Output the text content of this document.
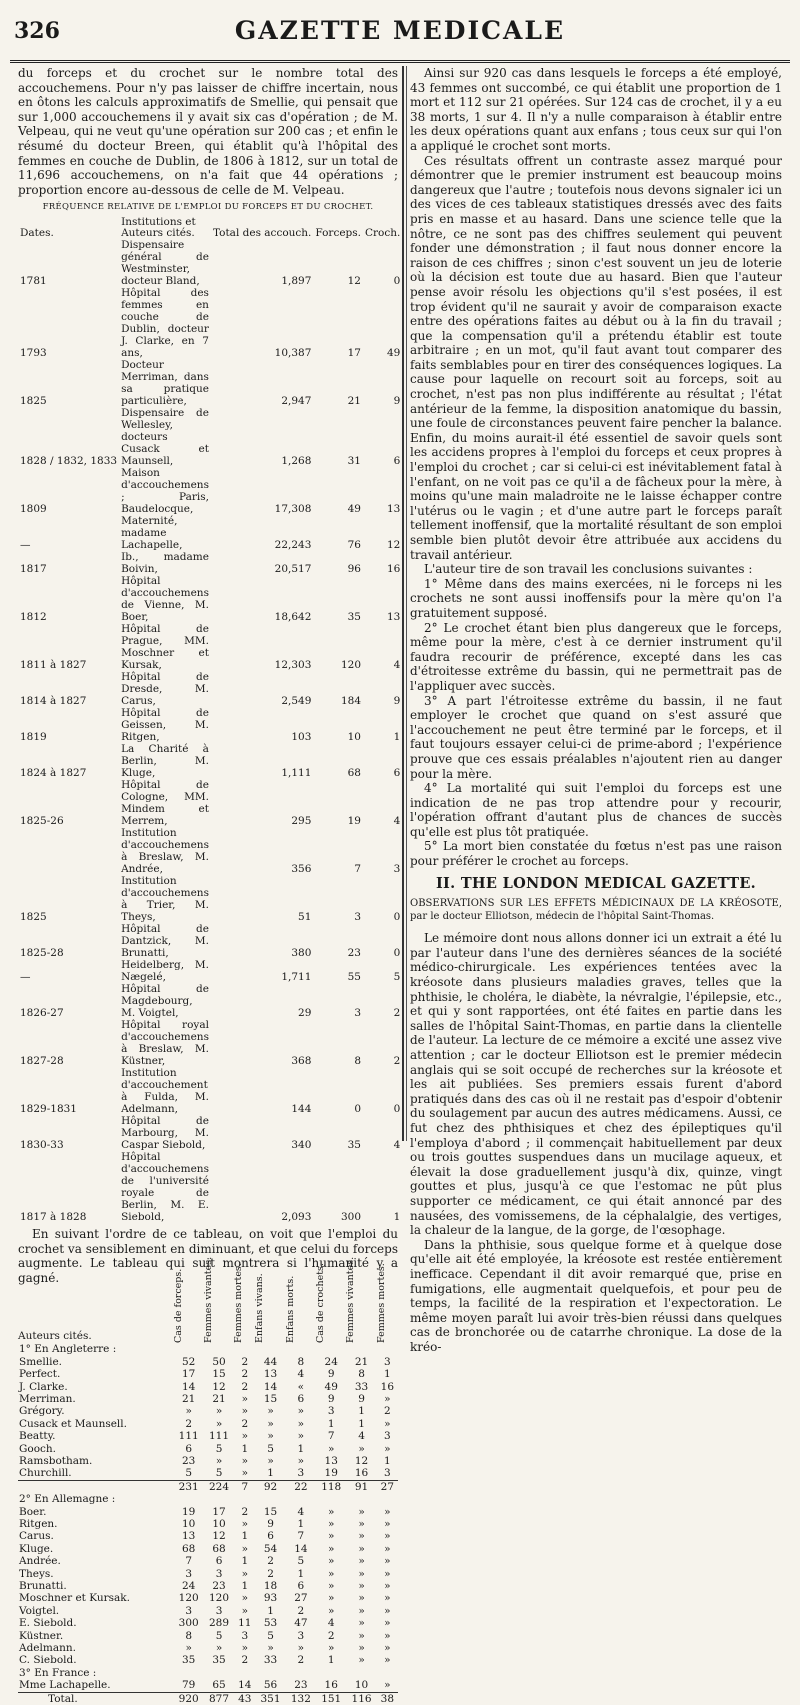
326	GAZETTE MEDICALE

du forceps et du crochet sur le nombre total des accouchemens. Pour n'y pas laisser de chiffre incertain, nous en ôtons les calculs approximatifs de Smellie, qui pensait que sur 1,000 accouchemens il y avait six cas d'opération ; de M. Velpeau, qui ne veut qu'une opération sur 200 cas ; et enfin le résumé du docteur Breen, qui établit qu'à l'hôpital des femmes en couche de Dublin, de 1806 à 1812, sur un total de 11,696 accouchemens, on n'a fait que 44 opérations ; proportion encore au-dessous de celle de M. Velpeau.

FRÉQUENCE RELATIVE DE L'EMPLOI DU FORCEPS ET DU CROCHET.
Dates.	Institutions et Auteurs cités.	Total des accouch.	Forceps.	Croch.
1781	Dispensaire général de Westminster, docteur Bland,	1,897	12	0
1793	Hôpital des femmes en couche de Dublin, docteur J. Clarke, en 7 ans,	10,387	17	49
1825	Docteur Merriman, dans sa pratique particulière,	2,947	21	9
1828 / 1832, 1833	Dispensaire de Wellesley, docteurs Cusack et Maunsell,	1,268	31	6
1809	Maison d'accouchemens ; Paris, Baudelocque,	17,308	49	13
—	Maternité, madame Lachapelle,	22,243	76	12
1817	Ib., madame Boivin,	20,517	96	16
1812	Hôpital d'accouchemens de Vienne, M. Boer,	18,642	35	13
1811 à 1827	Hôpital de Prague, MM. Moschner et Kursak,	12,303	120	4
1814 à 1827	Hôpital de Dresde, M. Carus,	2,549	184	9
1819	Hôpital de Geissen, M. Ritgen,	103	10	1
1824 à 1827	La Charité à Berlin, M. Kluge,	1,111	68	6
1825-26	Hôpital de Cologne, MM. Mindem et Merrem,	295	19	4
	Institution d'accouchemens à Breslaw, M. Andrée,	356	7	3
1825	Institution d'accouchemens à Trier, M. Theys,	51	3	0
1825-28	Hôpital de Dantzick, M. Brunatti,	380	23	0
—	Heidelberg, M. Nægelé,	1,711	55	5
1826-27	Hôpital de Magdebourg, M. Voigtel,	29	3	2
1827-28	Hôpital royal d'accouchemens à Breslaw, M. Küstner,	368	8	2
1829-1831	Institution d'accouchement à Fulda, M. Adelmann,	144	0	0
1830-33	Hôpital de Marbourg, M. Caspar Siebold,	340	35	4
1817 à 1828	Hôpital d'accouchemens de l'université royale de Berlin, M. E. Siebold,	2,093	300	1

En suivant l'ordre de ce tableau, on voit que l'emploi du crochet va sensiblement en diminuant, et que celui du forceps augmente. Le tableau qui suit montrera si l'humanité y a gagné.

Auteurs cités.	Cas de forceps.	Femmes vivantes.	Femmes mortes.	Enfans vivans.	Enfans morts.	Cas de crochets.	Femmes vivantes.	Femmes mortes.

1° En Angleterre :								
Smellie.	52	50	2	44	8	24	21	3
Perfect.	17	15	2	13	4	9	8	1
J. Clarke.	14	12	2	14	«	49	33	16
Merriman.	21	21	»	15	6	9	9	»
Grégory.	»	»	»	»	»	3	1	2
Cusack et Maunsell.	2	»	2	»	»	1	1	»
Beatty.	111	111	»	»	»	7	4	3
Gooch.	6	5	1	5	1	»	»	»
Ramsbotham.	23	»	»	»	»	13	12	1
Churchill.	5	5	»	1	3	19	16	3
	231	224	7	92	22	118	91	27
2° En Allemagne :								
Boer.	19	17	2	15	4	»	»	»
Ritgen.	10	10	»	9	1	»	»	»
Carus.	13	12	1	6	7	»	»	»
Kluge.	68	68	»	54	14	»	»	»
Andrée.	7	6	1	2	5	»	»	»
Theys.	3	3	»	2	1	»	»	»
Brunatti.	24	23	1	18	6	»	»	»
Moschner et Kursak.	120	120	»	93	27	»	»	»
Voigtel.	3	3	»	1	2	»	»	»
E. Siebold.	300	289	11	53	47	4	»	»
Küstner.	8	5	3	5	3	2	»	»
Adelmann.	»	»	»	»	»	»	»	»
C. Siebold.	35	35	2	33	2	1	»	»
3° En France :								
Mme Lachapelle.	79	65	14	56	23	16	10	»
Total.	920	877	43	351	132	151	116	38

Ainsi sur 920 cas dans lesquels le forceps a été employé, 43 femmes ont succombé, ce qui établit une proportion de 1 mort et 112 sur 21 opérées. Sur 124 cas de crochet, il y a eu 38 morts, 1 sur 4. Il n'y a nulle comparaison à établir entre les deux opérations quant aux enfans ; tous ceux sur qui l'on a appliqué le crochet sont morts.

Ces résultats offrent un contraste assez marqué pour démontrer que le premier instrument est beaucoup moins dangereux que l'autre ; toutefois nous devons signaler ici un des vices de ces tableaux statistiques dressés avec des faits pris en masse et au hasard. Dans une science telle que la nôtre, ce ne sont pas des chiffres seulement qui peuvent fonder une démonstration ; il faut nous donner encore la raison de ces chiffres ; sinon c'est souvent un jeu de loterie où la décision est toute due au hasard. Bien que l'auteur pense avoir résolu les objections qu'il s'est posées, il est trop évident qu'il ne saurait y avoir de comparaison exacte entre des opérations faites au début ou à la fin du travail ; que la compensation qu'il a prétendu établir est toute arbitraire ; en un mot, qu'il faut avant tout comparer des faits semblables pour en tirer des conséquences logiques. La cause pour laquelle on recourt soit au forceps, soit au crochet, n'est pas non plus indifférente au résultat ; l'état antérieur de la femme, la disposition anatomique du bassin, une foule de circonstances peuvent faire pencher la balance. Enfin, du moins aurait-il été essentiel de savoir quels sont les accidens propres à l'emploi du forceps et ceux propres à l'emploi du crochet ; car si celui-ci est inévitablement fatal à l'enfant, on ne voit pas ce qu'il a de fâcheux pour la mère, à moins qu'une main maladroite ne le laisse échapper contre l'utérus ou le vagin ; et d'une autre part le forceps paraît tellement inoffensif, que la mortalité résultant de son emploi semble bien plutôt devoir être attribuée aux accidens du travail antérieur.

L'auteur tire de son travail les conclusions suivantes :

1° Même dans des mains exercées, ni le forceps ni les crochets ne sont aussi inoffensifs pour la mère qu'on l'a gratuitement supposé.

2° Le crochet étant bien plus dangereux que le forceps, même pour la mère, c'est à ce dernier instrument qu'il faudra recourir de préférence, excepté dans les cas d'étroitesse extrême du bassin, qui ne permettrait pas de l'appliquer avec succès.

3° A part l'étroitesse extrême du bassin, il ne faut employer le crochet que quand on s'est assuré que l'accouchement ne peut être terminé par le forceps, et il faut toujours essayer celui-ci de prime-abord ; l'expérience prouve que ces essais préalables n'ajoutent rien au danger pour la mère.

4° La mortalité qui suit l'emploi du forceps est une indication de ne pas trop attendre pour y recourir, l'opération offrant d'autant plus de chances de succès qu'elle est plus tôt pratiquée.

5° La mort bien constatée du fœtus n'est pas une raison pour préférer le crochet au forceps.

II. THE LONDON MEDICAL GAZETTE.

OBSERVATIONS SUR LES EFFETS MÉDICINAUX DE LA KRÉOSOTE, par le docteur Elliotson, médecin de l'hôpital Saint-Thomas.

Le mémoire dont nous allons donner ici un extrait a été lu par l'auteur dans l'une des dernières séances de la société médico-chirurgicale. Les expériences tentées avec la kréosote dans plusieurs maladies graves, telles que la phthisie, le choléra, le diabète, la névralgie, l'épilepsie, etc., et qui y sont rapportées, ont été faites en partie dans les salles de l'hôpital Saint-Thomas, en partie dans la clientelle de l'auteur. La lecture de ce mémoire a excité une assez vive attention ; car le docteur Elliotson est le premier médecin anglais qui se soit occupé de recherches sur la kréosote et les ait publiées. Ses premiers essais furent d'abord pratiqués dans des cas où il ne restait pas d'espoir d'obtenir du soulagement par aucun des autres médicamens. Aussi, ce fut chez des phthisiques et chez des épileptiques qu'il l'employa d'abord ; il commençait habituellement par deux ou trois gouttes suspendues dans un mucilage aqueux, et élevait la dose graduellement jusqu'à dix, quinze, vingt gouttes et plus, jusqu'à ce que l'estomac ne pût plus supporter ce médicament, ce qui était annoncé par des nausées, des vomissemens, de la céphalalgie, des vertiges, la chaleur de la langue, de la gorge, de l'œsophage.

Dans la phthisie, sous quelque forme et à quelque dose qu'elle ait été employée, la kréosote est restée entièrement inefficace. Cependant il dit avoir remarqué que, prise en fumigations, elle augmentait quelquefois, et pour peu de temps, la facilité de la respiration et l'expectoration. Le même moyen paraît lui avoir très-bien réussi dans quelques cas de bronchorée ou de catarrhe chronique. La dose de la kréo-
